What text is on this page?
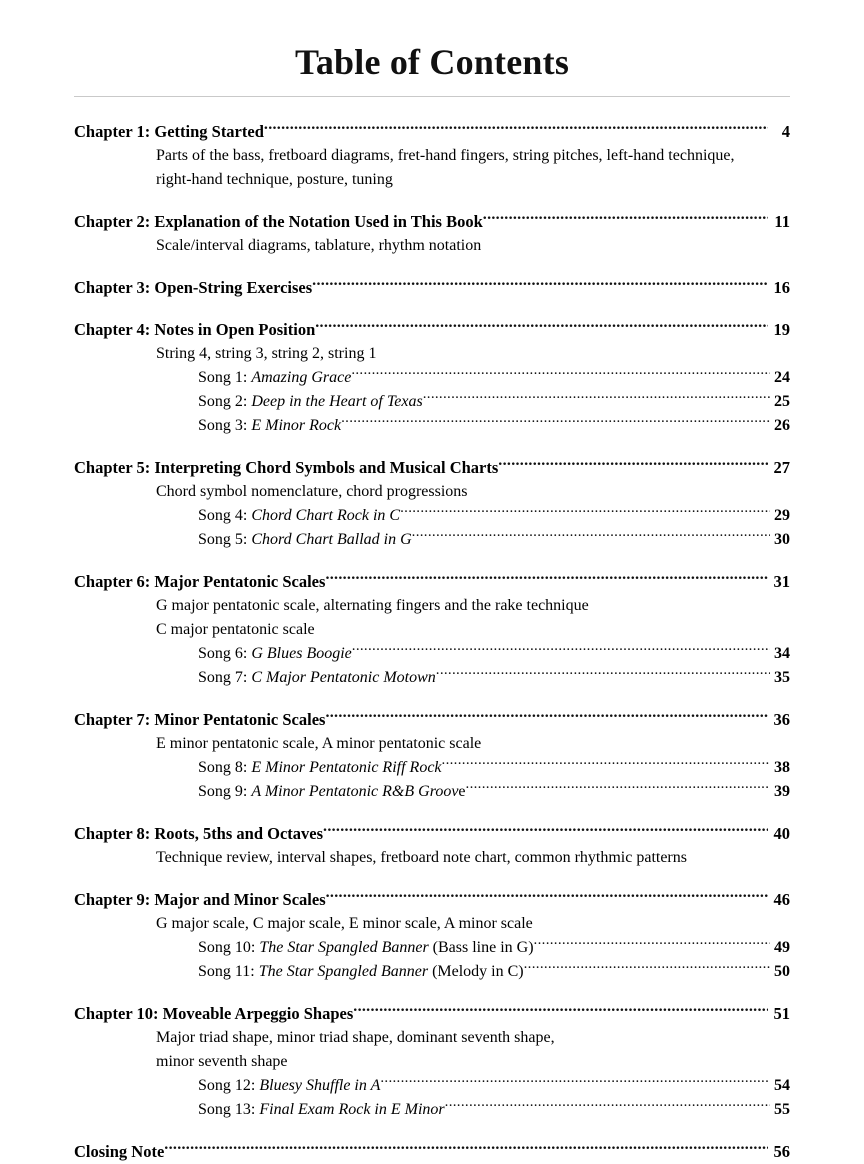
Table of Contents
Chapter 1: Getting Started .....	4
Parts of the bass, fretboard diagrams, fret-hand fingers, string pitches, left-hand technique,
right-hand technique, posture, tuning
Chapter 2: Explanation of the Notation Used in This Book .....	11
Scale/interval diagrams, tablature, rhythm notation
Chapter 3: Open-String Exercises .....	16
Chapter 4: Notes in Open Position .....	19
String 4, string 3, string 2, string 1
Song 1: Amazing Grace .....	24
Song 2: Deep in the Heart of Texas .....	25
Song 3: E Minor Rock .....	26
Chapter 5: Interpreting Chord Symbols and Musical Charts .....	27
Chord symbol nomenclature, chord progressions
Song 4: Chord Chart Rock in C .....	29
Song 5: Chord Chart Ballad in G .....	30
Chapter 6: Major Pentatonic Scales .....	31
G major pentatonic scale, alternating fingers and the rake technique
C major pentatonic scale
Song 6: G Blues Boogie .....	34
Song 7: C Major Pentatonic Motown .....	35
Chapter 7: Minor Pentatonic Scales .....	36
E minor pentatonic scale, A minor pentatonic scale
Song 8: E Minor Pentatonic Riff Rock .....	38
Song 9: A Minor Pentatonic R&B Groove .....	39
Chapter 8: Roots, 5ths and Octaves .....	40
Technique review, interval shapes, fretboard note chart, common rhythmic patterns
Chapter 9: Major and Minor Scales .....	46
G major scale, C major scale, E minor scale, A minor scale
Song 10: The Star Spangled Banner (Bass line in G) .....	49
Song 11: The Star Spangled Banner (Melody in C) .....	50
Chapter 10: Moveable Arpeggio Shapes .....	51
Major triad shape, minor triad shape, dominant seventh shape,
minor seventh shape
Song 12: Bluesy Shuffle in A .....	54
Song 13: Final Exam Rock in E Minor .....	55
Closing Note .....	56
